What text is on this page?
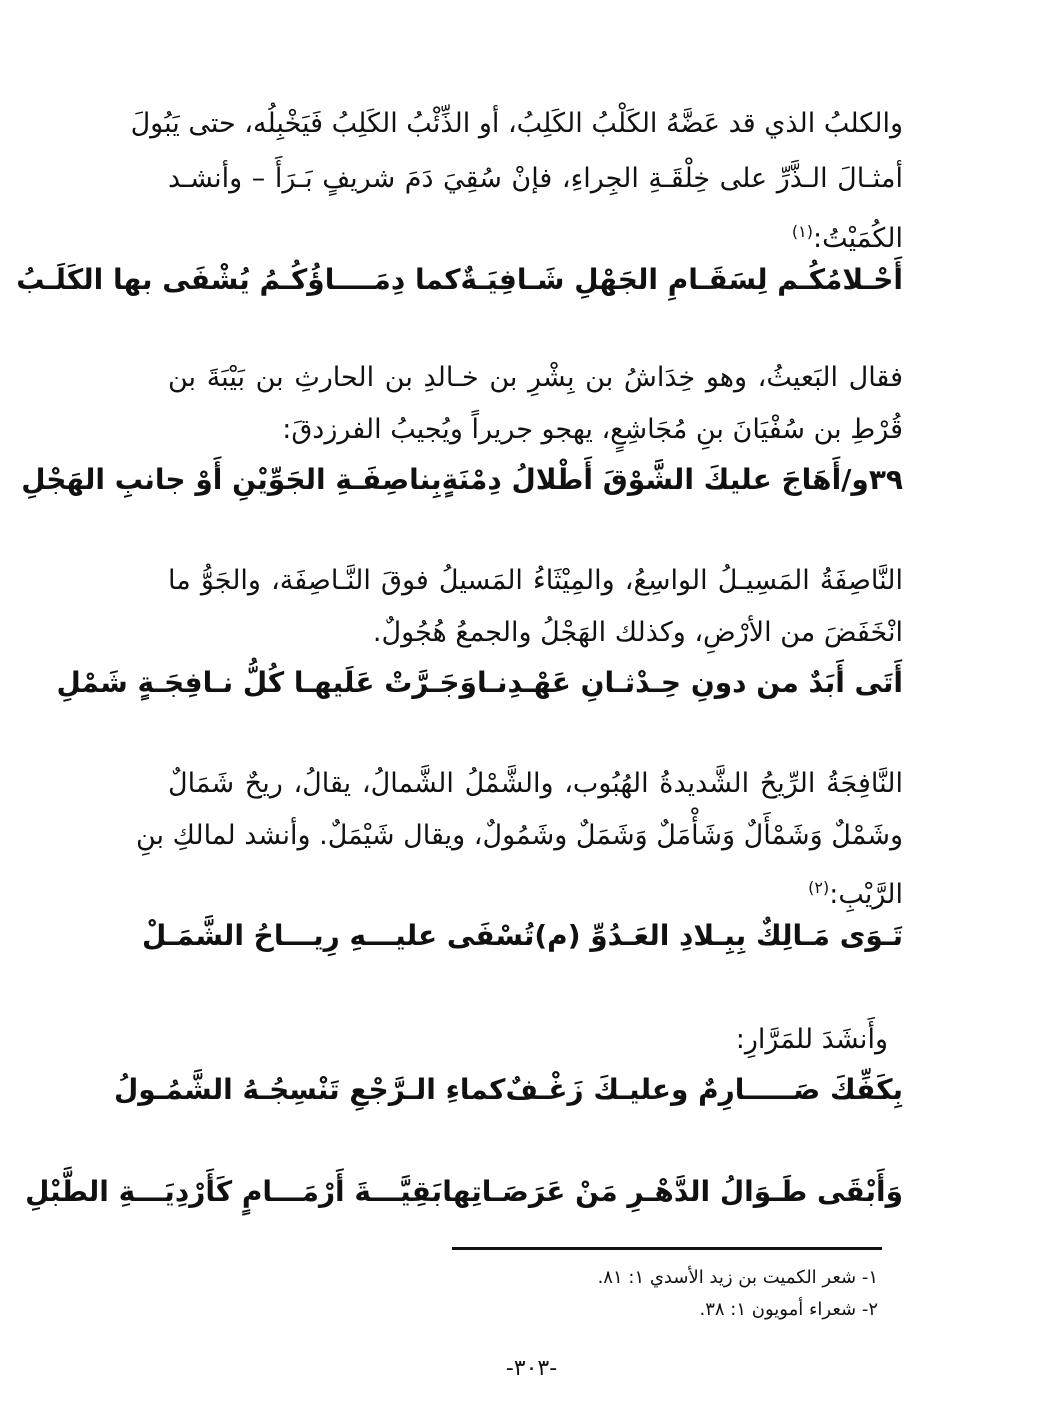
والكلبُ الذي قد عَضَّهُ الكَلْبُ الكَلِبُ، أو الذِّئْبُ الكَلِبُ فَيَخْبِلُه، حتى يَبُولَ
أمثـالَ الـذَّرِّ على خِلْقَـةِ الجِراءِ، فإنْ سُقِيَ دَمَ شريفٍ بَـرَأَ – وأنشـد
الكُمَيْتُ:$^{(١)}$
أَحْـلامُكُـم لِسَقَـامِ الجَهْلِ شَـافِيَـةٌ
كما دِمَــــاؤُكُـمُ يُشْفَى بها الكَلَـبُ
فقال البَعيثُ، وهو خِدَاشُ بن بِشْرِ بن خـالدِ بن الحارثِ بن بَيْبَةَ بن
قُرْطِ بن سُفْيَانَ بنِ مُجَاشِعٍ، يهجو جريراً ويُجيبُ الفرزدقَ:
٣٩و/أَهَاجَ عليكَ الشَّوْقَ أَطْلالُ دِمْنَةٍ
بِناصِفَـةِ الجَوِّيْنِ أَوْ جانبِ الهَجْلِ
النَّاصِفَةُ المَسِيـلُ الواسِعُ، والمِيْثَاءُ المَسيلُ فوقَ النَّـاصِفَة، والجَوُّ ما
انْخَفَضَ من الأرْضِ، وكذلك الهَجْلُ والجمعُ هُجُولٌ.
أَتَى أَبَدٌ من دونِ حِـدْثـانِ عَهْـدِنـا
وَجَـرَّتْ عَلَيهـا كُلُّ نـافِجَـةٍ شَمْلِ
النَّافِجَةُ الرِّيحُ الشَّديدةُ الهُبُوب، والشَّمْلُ الشَّمالُ، يقالُ، ريحٌ شَمَالٌ
وشَمْلٌ وَشَمْأَلٌ وَشَأْمَلٌ وَشَمَلٌ وشَمُولٌ، ويقال شَيْمَلٌ. وأنشد لمالكِ بنِ
الرَّيْبِ:$^{(٢)}$
تَـوَى مَـالِكٌ بِبِـلادِ العَـدُوِّ (م)
تُسْفَى عليـــهِ رِيـــاحُ الشَّمَـلْ
وأَنشَدَ للمَرَّارِ:
بِكَفِّكَ صَـــــارِمٌ وعليـكَ زَغْـفٌ
كماءِ الـرَّجْعِ تَنْسِجُـهُ الشَّمُـولُ
وَأَبْقَى طَـوَالُ الدَّهْـرِ مَنْ عَرَصَـاتِها
بَقِيَّـــةَ أَرْمَـــامٍ كَأَرْدِيَـــةِ الطَّبْلِ
١- شعر الكميت بن زيد الأسدي ١: ٨١.
٢- شعراء أمويون ١: ٣٨.
-٣٠٣-
